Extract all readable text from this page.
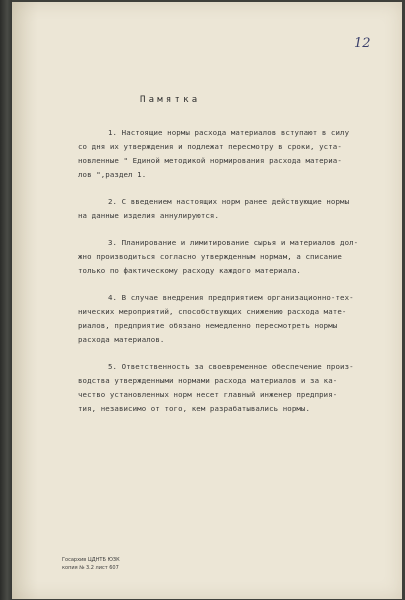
12
Памятка
1. Настоящие нормы расхода материалов вступают в силу
со дня их утверждения и подлежат пересмотру в сроки, уста-
новленные " Единой методикой нормирования расхода материа-
лов ",раздел 1.
2. С введением настоящих норм ранее действующие нормы
на данные изделия аннулируются.
3. Планирование и лимитирование сырья и материалов дол-
жно производиться согласно утвержденным нормам, а списание
только по фактическому расходу каждого материала.
4. В случае внедрения предприятием организационно-тех-
нических мероприятий, способствующих снижению расхода мате-
риалов, предприятие обязано немедленно пересмотреть нормы
расхода материалов.
5. Ответственность за своевременное обеспечение произ-
водства утвержденными нормами расхода материалов и за ка-
чество установленных норм несет главный инженер предприя-
тия, независимо от того, кем разрабатывались нормы.
Госархив ЦДНТБ ЮЗК
копия № 3.2 лист 607
